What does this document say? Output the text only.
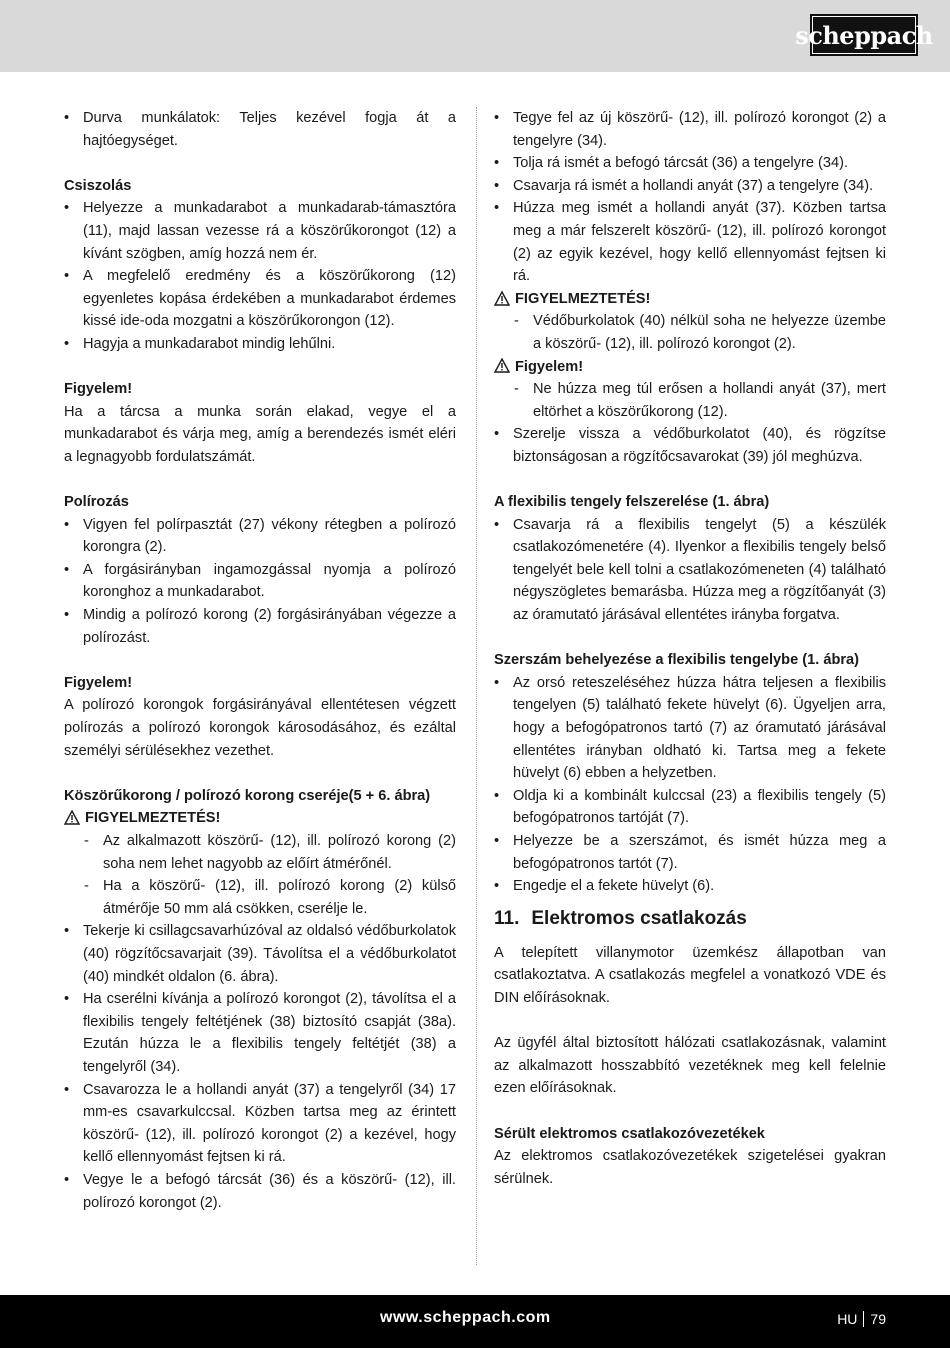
scheppach
• Durva munkálatok: Teljes kezével fogja át a hajtóegységet.

Csiszolás

• Helyezze a munkadarabot a munkadarab-támasztóra (11), majd lassan vezesse rá a köszörűkorongot (12) a kívánt szögben, amíg hozzá nem ér.
• A megfelelő eredmény és a köszörűkorong (12) egyenletes kopása érdekében a munkadarabot érdemes kissé ide-oda mozgatni a köszörűkorongon (12).
• Hagyja a munkadarabot mindig lehűlni.

Figyelem!

Ha a tárcsa a munka során elakad, vegye el a munkadarabot és várja meg, amíg a berendezés ismét eléri a legnagyobb fordulatszámát.

Polírozás

• Vigyen fel polírpasztát (27) vékony rétegben a polírozó korongra (2).
• A forgásirányban ingamozgással nyomja a polírozó koronghoz a munkadarabot.
• Mindig a polírozó korong (2) forgásirányában végezze a polírozást.

Figyelem!

A polírozó korongok forgásirányával ellentétesen végzett polírozás a polírozó korongok károsodásához, és ezáltal személyi sérülésekhez vezethet.

Köszörűkorong / polírozó korong cseréje(5 + 6. ábra)

FIGYELMEZTETÉS!
- Az alkalmazott köszörű- (12), ill. polírozó korong (2) soha nem lehet nagyobb az előírt átmérőnél.
- Ha a köszörű- (12), ill. polírozó korong (2) külső átmérője 50 mm alá csökken, cserélje le.
• Tekerje ki csillagcsavarhúzóval az oldalsó védőburkolatok (40) rögzítőcsavarjait (39). Távolítsa el a védőburkolatot (40) mindkét oldalon (6. ábra).
• Ha cserélni kívánja a polírozó korongot (2), távolítsa el a flexibilis tengely feltétjének (38) biztosító csapját (38a). Ezután húzza le a flexibilis tengely feltétjét (38) a tengelyről (34).
• Csavarozza le a hollandi anyát (37) a tengelyről (34) 17 mm-es csavarkulccsal. Közben tartsa meg az érintett köszörű- (12), ill. polírozó korongot (2) a kezével, hogy kellő ellennyomást fejtsen ki rá.
• Vegye le a befogó tárcsát (36) és a köszörű- (12), ill. polírozó korongot (2).
• Tegye fel az új köszörű- (12), ill. polírozó korongot (2) a tengelyre (34).
• Tolja rá ismét a befogó tárcsát (36) a tengelyre (34).
• Csavarja rá ismét a hollandi anyát (37) a tengelyre (34).
• Húzza meg ismét a hollandi anyát (37). Közben tartsa meg a már felszerelt köszörű- (12), ill. polírozó korongot (2) az egyik kezével, hogy kellő ellennyomást fejtsen ki rá.
FIGYELMEZTETÉS!
- Védőburkolatok (40) nélkül soha ne helyezze üzembe a köszörű- (12), ill. polírozó korongot (2).
Figyelem!
- Ne húzza meg túl erősen a hollandi anyát (37), mert eltörhet a köszörűkorong (12).
• Szerelje vissza a védőburkolatot (40), és rögzítse biztonságosan a rögzítőcsavarokat (39) jól meghúzva.

A flexibilis tengely felszerelése (1. ábra)

• Csavarja rá a flexibilis tengelyt (5) a készülék csatlakozómenetére (4). Ilyenkor a flexibilis tengely belső tengelyét bele kell tolni a csatlakozómeneten (4) található négyszögletes bemarásba. Húzza meg a rögzítőanyát (3) az óramutató járásával ellentétes irányba forgatva.

Szerszám behelyezése a flexibilis tengelybe (1. ábra)

• Az orsó reteszeléséhez húzza hátra teljesen a flexibilis tengelyen (5) található fekete hüvelyt (6). Ügyeljen arra, hogy a befogópatronos tartó (7) az óramutató járásával ellentétes irányban oldható ki. Tartsa meg a fekete hüvelyt (6) ebben a helyzetben.
• Oldja ki a kombinált kulccsal (23) a flexibilis tengely (5) befogópatronos tartóját (7).
• Helyezze be a szerszámot, és ismét húzza meg a befogópatronos tartót (7).
• Engedje el a fekete hüvelyt (6).
11. Elektromos csatlakozás

A telepített villanymotor üzemkész állapotban van csatlakoztatva. A csatlakozás megfelel a vonatkozó VDE és DIN előírásoknak.

Az ügyfél által biztosított hálózati csatlakozásnak, valamint az alkalmazott hosszabbító vezetéknek meg kell felelnie ezen előírásoknak.

Sérült elektromos csatlakozóvezetékek

Az elektromos csatlakozóvezetékek szigetelései gyakran sérülnek.

www.scheppach.com	HU 79
